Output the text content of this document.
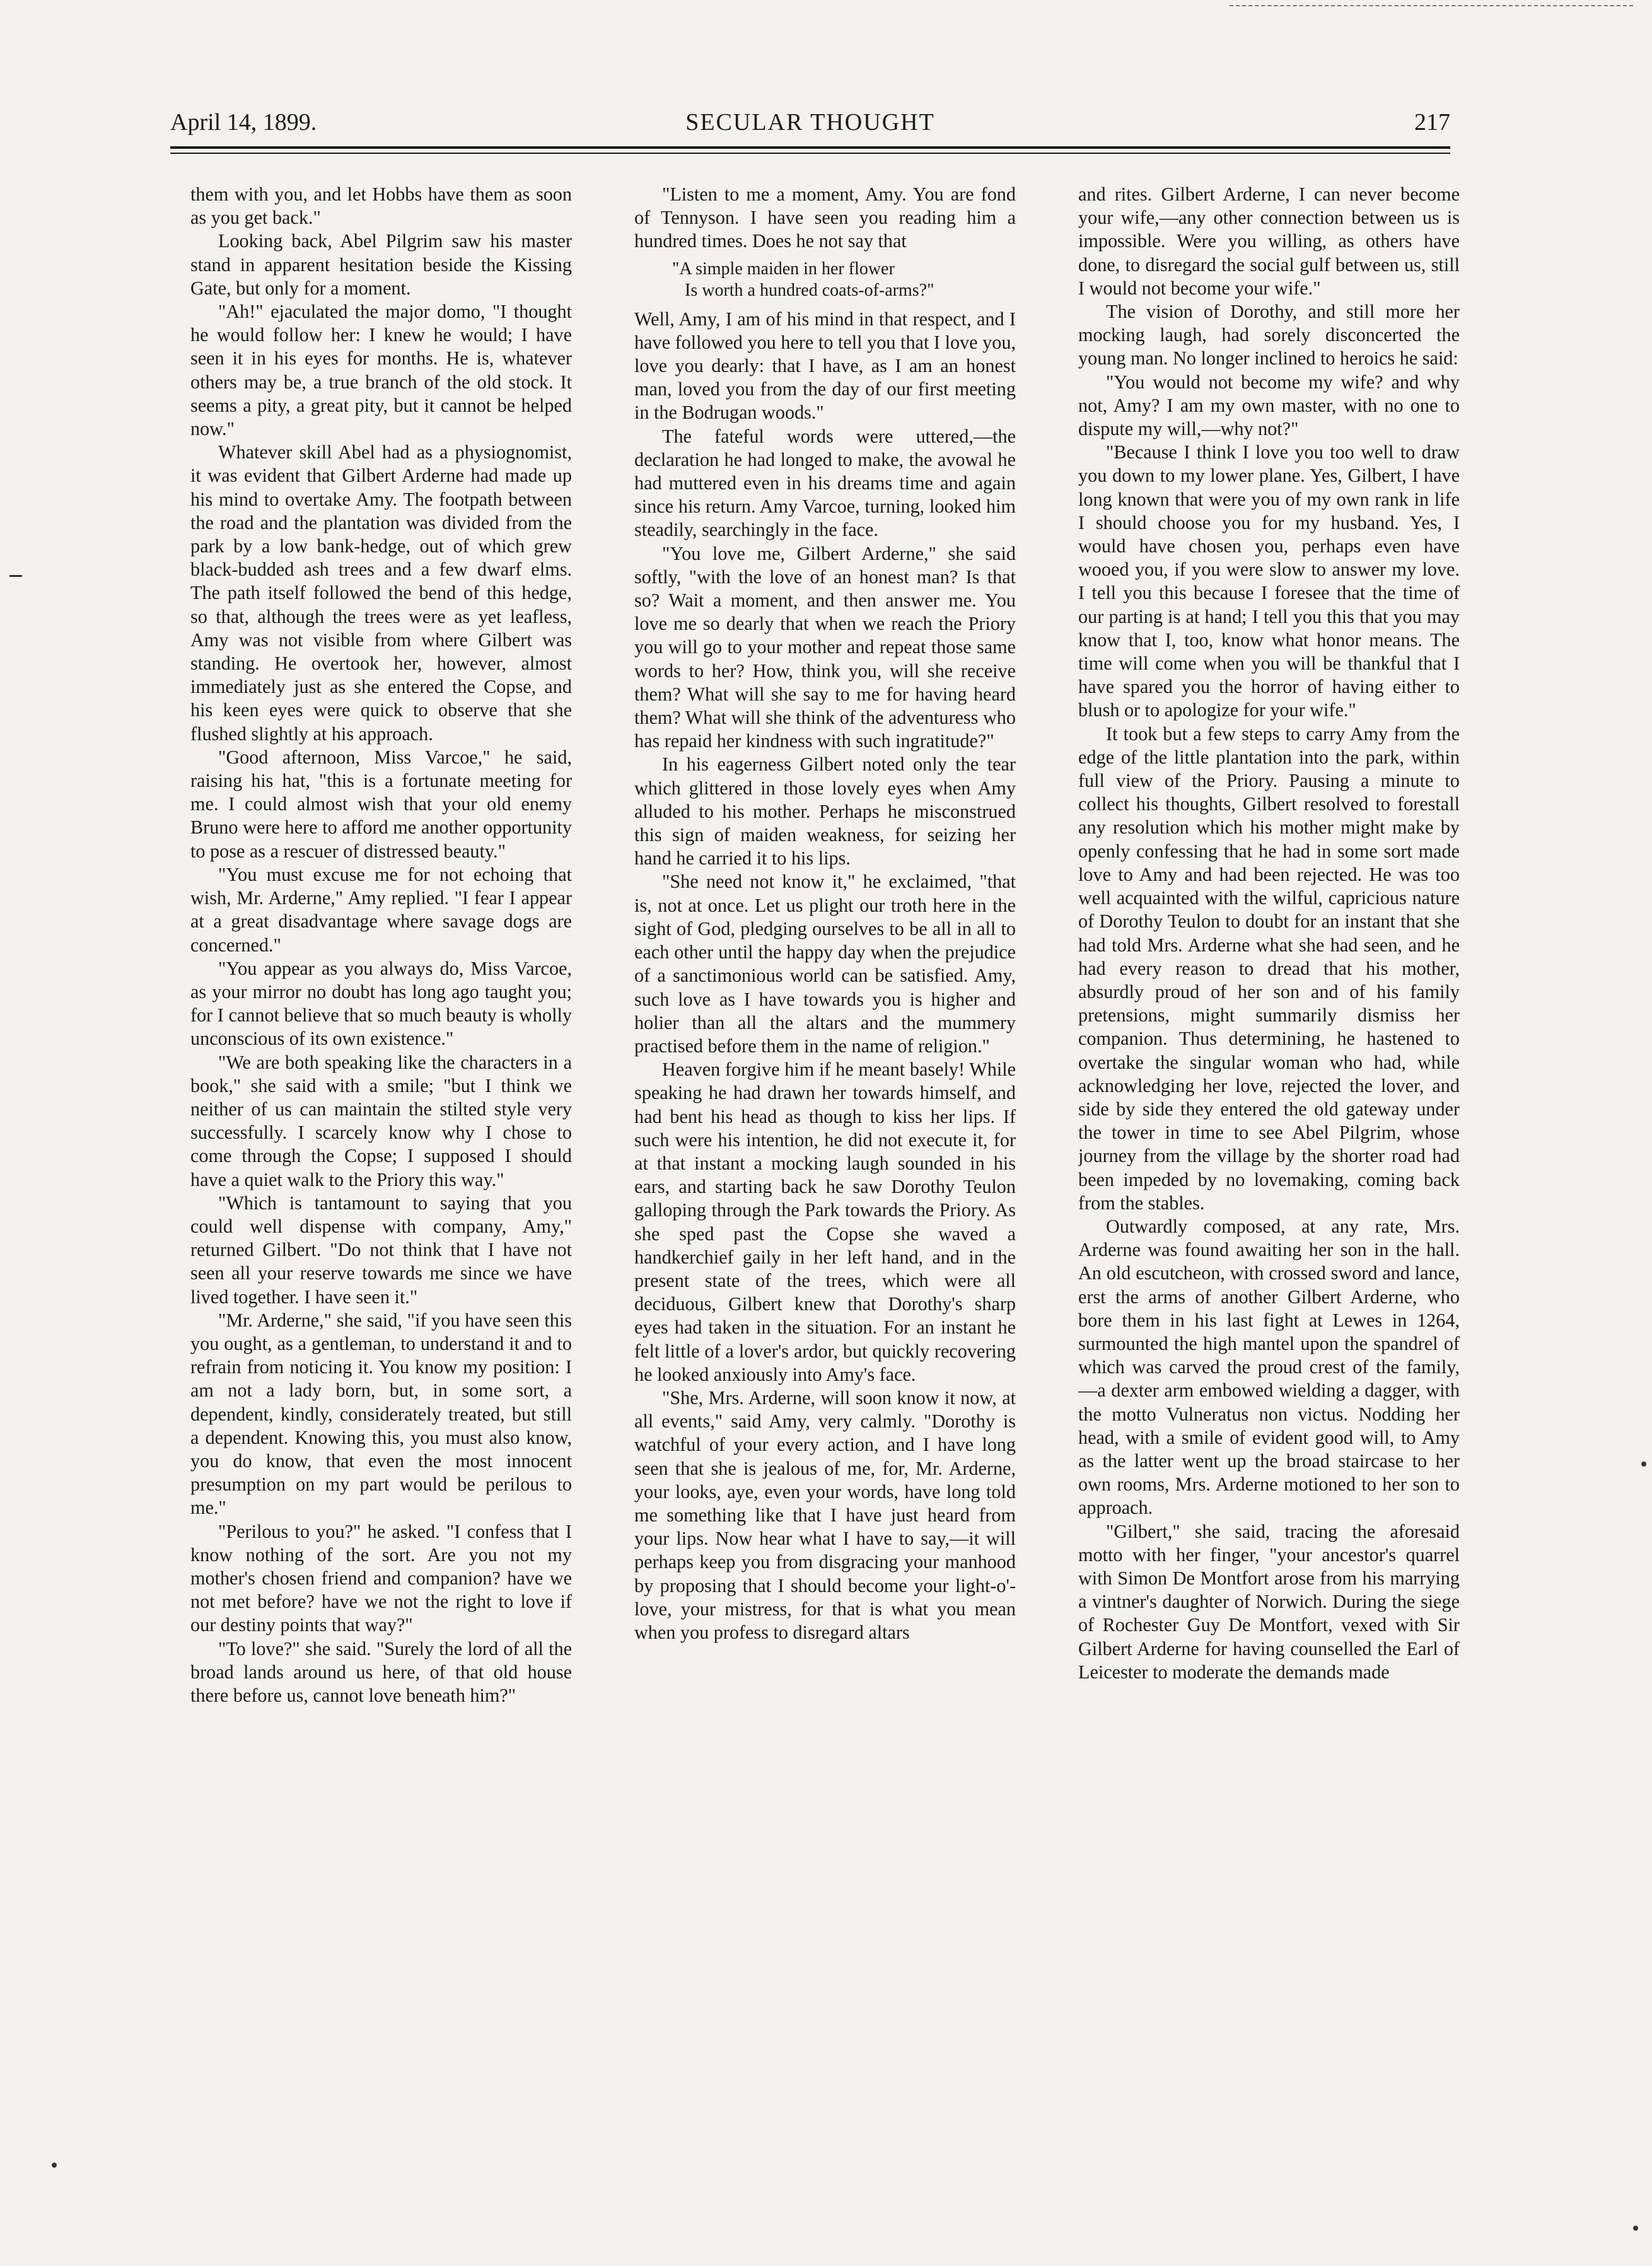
SECULAR THOUGHT
April 14, 1899.	217

them with you, and let Hobbs have them as soon as you get back."

Looking back, Abel Pilgrim saw his master stand in apparent hesitation beside the Kissing Gate, but only for a moment.

"Ah!" ejaculated the major domo, "I thought he would follow her: I knew he would; I have seen it in his eyes for months. He is, whatever others may be, a true branch of the old stock. It seems a pity, a great pity, but it cannot be helped now."

Whatever skill Abel had as a physiognomist, it was evident that Gilbert Arderne had made up his mind to overtake Amy. The footpath between the road and the plantation was divided from the park by a low bank-hedge, out of which grew black-budded ash trees and a few dwarf elms. The path itself followed the bend of this hedge, so that, although the trees were as yet leafless, Amy was not visible from where Gilbert was standing. He overtook her, however, almost immediately just as she entered the Copse, and his keen eyes were quick to observe that she flushed slightly at his approach.

"Good afternoon, Miss Varcoe," he said, raising his hat, "this is a fortunate meeting for me. I could almost wish that your old enemy Bruno were here to afford me another opportunity to pose as a rescuer of distressed beauty."

"You must excuse me for not echoing that wish, Mr. Arderne," Amy replied. "I fear I appear at a great disadvantage where savage dogs are concerned."

"You appear as you always do, Miss Varcoe, as your mirror no doubt has long ago taught you; for I cannot believe that so much beauty is wholly unconscious of its own existence."

"We are both speaking like the characters in a book," she said with a smile; "but I think we neither of us can maintain the stilted style very successfully. I scarcely know why I chose to come through the Copse; I supposed I should have a quiet walk to the Priory this way."

"Which is tantamount to saying that you could well dispense with company, Amy," returned Gilbert. "Do not think that I have not seen all your reserve towards me since we have lived together. I have seen it."

"Mr. Arderne," she said, "if you have seen this you ought, as a gentleman, to understand it and to refrain from noticing it. You know my position: I am not a lady born, but, in some sort, a dependent, kindly, considerately treated, but still a dependent. Knowing this, you must also know, you do know, that even the most innocent presumption on my part would be perilous to me."

"Perilous to you?" he asked. "I confess that I know nothing of the sort. Are you not my mother's chosen friend and companion? have we not met before? have we not the right to love if our destiny points that way?"

"To love?" she said. "Surely the lord of all the broad lands around us here, of that old house there before us, cannot love beneath him?"

"Listen to me a moment, Amy. You are fond of Tennyson. I have seen you reading him a hundred times. Does he not say that

"A simple maiden in her flower
Is worth a hundred coats-of-arms?"

Well, Amy, I am of his mind in that respect, and I have followed you here to tell you that I love you, love you dearly: that I have, as I am an honest man, loved you from the day of our first meeting in the Bodrugan woods."

The fateful words were uttered,—the declaration he had longed to make, the avowal he had muttered even in his dreams time and again since his return. Amy Varcoe, turning, looked him steadily, searchingly in the face.

"You love me, Gilbert Arderne," she said softly, "with the love of an honest man? Is that so? Wait a moment, and then answer me. You love me so dearly that when we reach the Priory you will go to your mother and repeat those same words to her? How, think you, will she receive them? What will she say to me for having heard them? What will she think of the adventuress who has repaid her kindness with such ingratitude?"

In his eagerness Gilbert noted only the tear which glittered in those lovely eyes when Amy alluded to his mother. Perhaps he misconstrued this sign of maiden weakness, for seizing her hand he carried it to his lips.

"She need not know it," he exclaimed, "that is, not at once. Let us plight our troth here in the sight of God, pledging ourselves to be all in all to each other until the happy day when the prejudice of a sanctimonious world can be satisfied. Amy, such love as I have towards you is higher and holier than all the altars and the mummery practised before them in the name of religion."

Heaven forgive him if he meant basely! While speaking he had drawn her towards himself, and had bent his head as though to kiss her lips. If such were his intention, he did not execute it, for at that instant a mocking laugh sounded in his ears, and starting back he saw Dorothy Teulon galloping through the Park towards the Priory. As she sped past the Copse she waved a handkerchief gaily in her left hand, and in the present state of the trees, which were all deciduous, Gilbert knew that Dorothy's sharp eyes had taken in the situation. For an instant he felt little of a lover's ardor, but quickly recovering he looked anxiously into Amy's face.

"She, Mrs. Arderne, will soon know it now, at all events," said Amy, very calmly. "Dorothy is watchful of your every action, and I have long seen that she is jealous of me, for, Mr. Arderne, your looks, aye, even your words, have long told me something like that I have just heard from your lips. Now hear what I have to say,—it will perhaps keep you from disgracing your manhood by proposing that I should become your light-o'-love, your mistress, for that is what you mean when you profess to disregard altars

and rites. Gilbert Arderne, I can never become your wife,—any other connection between us is impossible. Were you willing, as others have done, to disregard the social gulf between us, still I would not become your wife."

The vision of Dorothy, and still more her mocking laugh, had sorely disconcerted the young man. No longer inclined to heroics he said:

"You would not become my wife? and why not, Amy? I am my own master, with no one to dispute my will,—why not?"

"Because I think I love you too well to draw you down to my lower plane. Yes, Gilbert, I have long known that were you of my own rank in life I should choose you for my husband. Yes, I would have chosen you, perhaps even have wooed you, if you were slow to answer my love. I tell you this because I foresee that the time of our parting is at hand; I tell you this that you may know that I, too, know what honor means. The time will come when you will be thankful that I have spared you the horror of having either to blush or to apologize for your wife."

It took but a few steps to carry Amy from the edge of the little plantation into the park, within full view of the Priory. Pausing a minute to collect his thoughts, Gilbert resolved to forestall any resolution which his mother might make by openly confessing that he had in some sort made love to Amy and had been rejected. He was too well acquainted with the wilful, capricious nature of Dorothy Teulon to doubt for an instant that she had told Mrs. Arderne what she had seen, and he had every reason to dread that his mother, absurdly proud of her son and of his family pretensions, might summarily dismiss her companion. Thus determining, he hastened to overtake the singular woman who had, while acknowledging her love, rejected the lover, and side by side they entered the old gateway under the tower in time to see Abel Pilgrim, whose journey from the village by the shorter road had been impeded by no lovemaking, coming back from the stables.

Outwardly composed, at any rate, Mrs. Arderne was found awaiting her son in the hall. An old escutcheon, with crossed sword and lance, erst the arms of another Gilbert Arderne, who bore them in his last fight at Lewes in 1264, surmounted the high mantel upon the spandrel of which was carved the proud crest of the family, —a dexter arm embowed wielding a dagger, with the motto Vulneratus non victus. Nodding her head, with a smile of evident good will, to Amy as the latter went up the broad staircase to her own rooms, Mrs. Arderne motioned to her son to approach.

"Gilbert," she said, tracing the aforesaid motto with her finger, "your ancestor's quarrel with Simon De Montfort arose from his marrying a vintner's daughter of Norwich. During the siege of Rochester Guy De Montfort, vexed with Sir Gilbert Arderne for having counselled the Earl of Leicester to moderate the demands made
